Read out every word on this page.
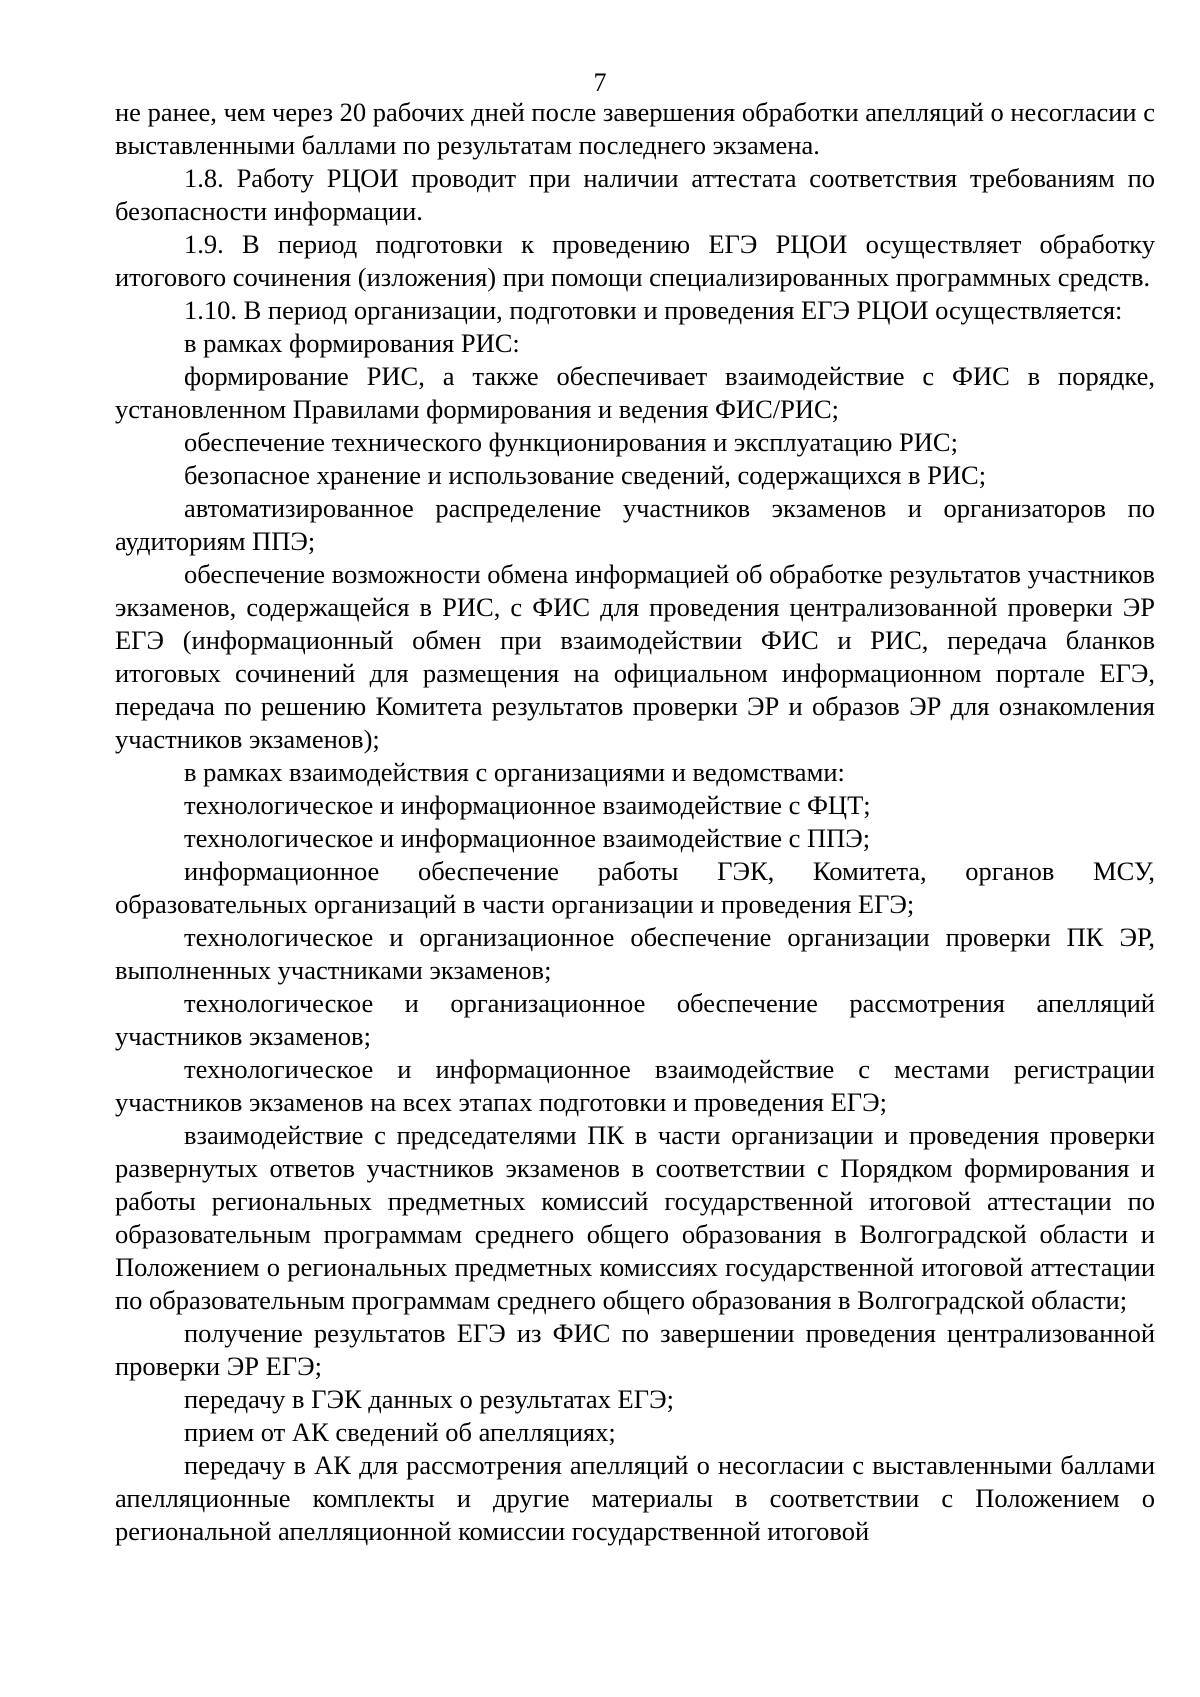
7

не ранее, чем через 20 рабочих дней после завершения обработки апелляций о несогласии с выставленными баллами по результатам последнего экзамена.

1.8. Работу РЦОИ проводит при наличии аттестата соответствия требованиям по безопасности информации.

1.9. В период подготовки к проведению ЕГЭ РЦОИ осуществляет обработку итогового сочинения (изложения) при помощи специализированных программных средств.

1.10. В период организации, подготовки и проведения ЕГЭ РЦОИ осуществляется:

в рамках формирования РИС:

формирование РИС, а также обеспечивает взаимодействие с ФИС в порядке, установленном Правилами формирования и ведения ФИС/РИС;

обеспечение технического функционирования и эксплуатацию РИС;

безопасное хранение и использование сведений, содержащихся в РИС;

автоматизированное распределение участников экзаменов и организаторов по аудиториям ППЭ;

обеспечение возможности обмена информацией об обработке результатов участников экзаменов, содержащейся в РИС, с ФИС для проведения централизованной проверки ЭР ЕГЭ (информационный обмен при взаимодействии ФИС и РИС, передача бланков итоговых сочинений для размещения на официальном информационном портале ЕГЭ, передача по решению Комитета результатов проверки ЭР и образов ЭР для ознакомления участников экзаменов);

в рамках взаимодействия с организациями и ведомствами:

технологическое и информационное взаимодействие с ФЦТ;

технологическое и информационное взаимодействие с ППЭ;

информационное обеспечение работы ГЭК, Комитета, органов МСУ, образовательных организаций в части организации и проведения ЕГЭ;

технологическое и организационное обеспечение организации проверки ПК ЭР, выполненных участниками экзаменов;

технологическое и организационное обеспечение рассмотрения апелляций участников экзаменов;

технологическое и информационное взаимодействие с местами регистрации участников экзаменов на всех этапах подготовки и проведения ЕГЭ;

взаимодействие с председателями ПК в части организации и проведения проверки развернутых ответов участников экзаменов в соответствии с Порядком формирования и работы региональных предметных комиссий государственной итоговой аттестации по образовательным программам среднего общего образования в Волгоградской области и Положением о региональных предметных комиссиях государственной итоговой аттестации по образовательным программам среднего общего образования в Волгоградской области;

получение результатов ЕГЭ из ФИС по завершении проведения централизованной проверки ЭР ЕГЭ;

передачу в ГЭК данных о результатах ЕГЭ;

прием от АК сведений об апелляциях;

передачу в АК для рассмотрения апелляций о несогласии с выставленными баллами апелляционные комплекты и другие материалы в соответствии с Положением о региональной апелляционной комиссии государственной итоговой
